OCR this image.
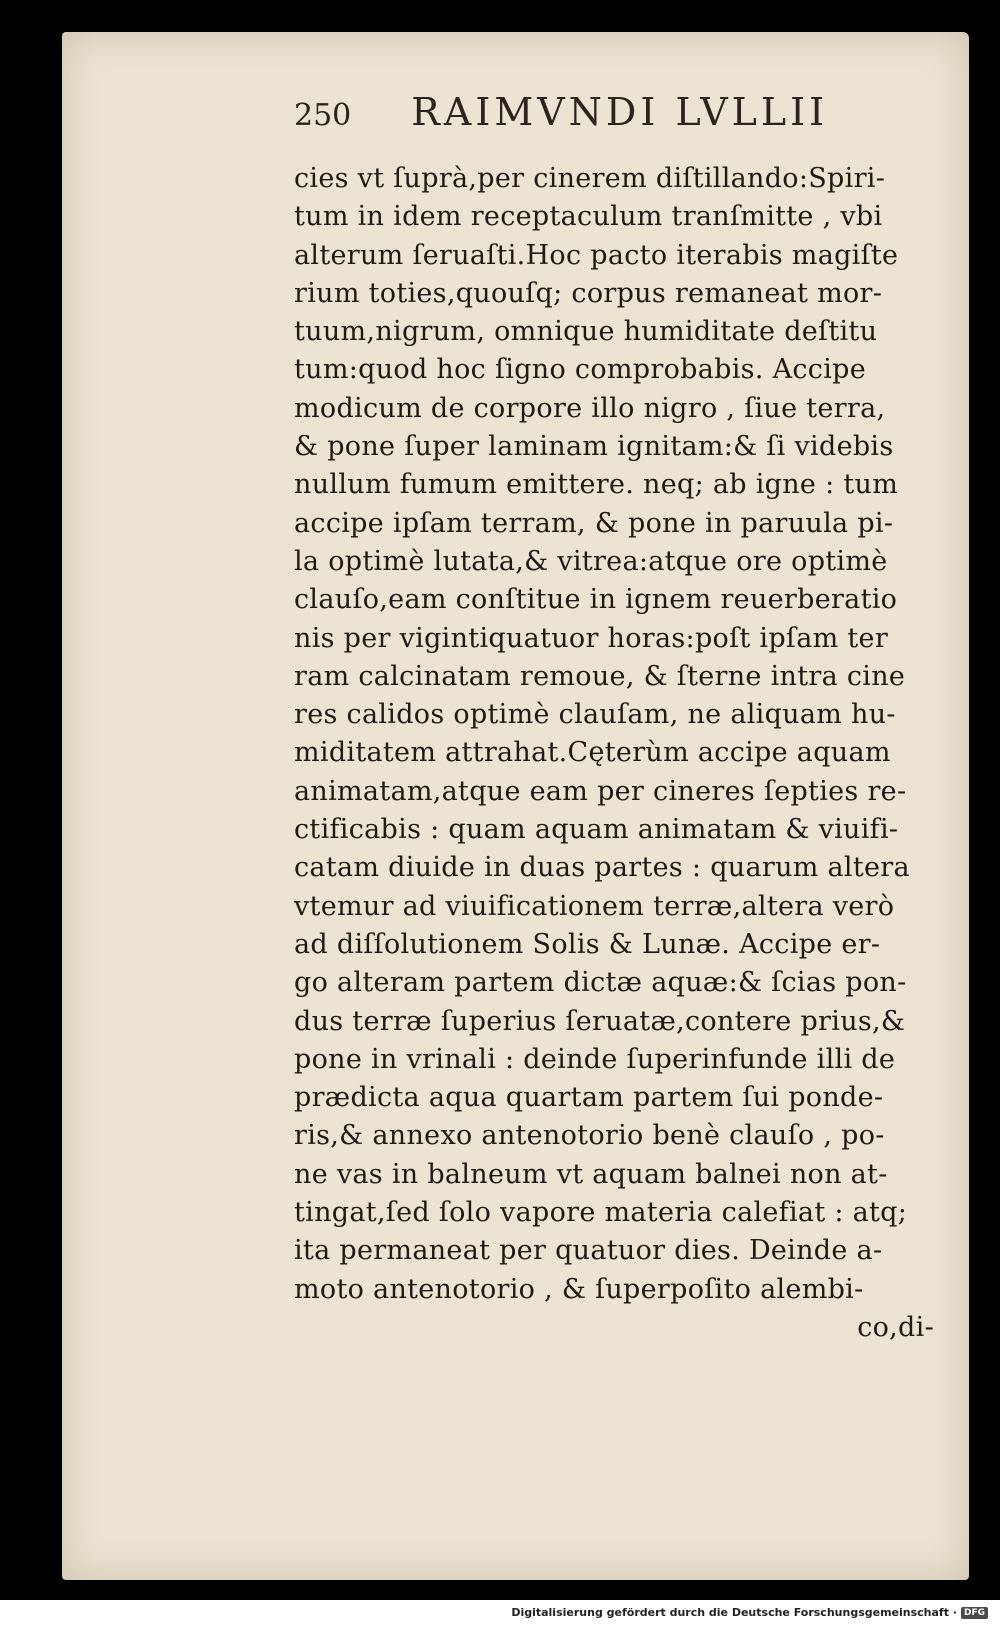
250 RAIMVNDI LVLLII
cies vt ſuprà,per cinerem diſtillando:Spiri-
tum in idem receptaculum tranſmitte , vbi
alterum ſeruaſti.Hoc pacto iterabis magiſte
rium toties,quouſq; corpus remaneat mor-
tuum,nigrum, omnique humiditate deſtitu
tum:quod hoc ſigno comprobabis. Accipe
modicum de corpore illo nigro , ſiue terra,
& pone ſuper laminam ignitam:& ſi videbis
nullum fumum emittere. neq; ab igne : tum
accipe ipſam terram, & pone in paruula pi-
la optimè lutata,& vitrea:atque ore optimè
clauſo,eam conſtitue in ignem reuerberatio
nis per vigintiquatuor horas:poſt ipſam ter
ram calcinatam remoue, & ſterne intra cine
res calidos optimè clauſam, ne aliquam hu-
miditatem attrahat.Cęterùm accipe aquam
animatam,atque eam per cineres ſepties re-
ctificabis : quam aquam animatam & viuifi-
catam diuide in duas partes : quarum altera
vtemur ad viuificationem terræ,altera verò
ad diſſolutionem Solis & Lunæ. Accipe er-
go alteram partem dictæ aquæ:& ſcias pon-
dus terræ ſuperius ſeruatæ,contere prius,&
pone in vrinali : deinde ſuperinfunde illi de
prædicta aqua quartam partem ſui ponde-
ris,& annexo antenotorio benè clauſo , po-
ne vas in balneum vt aquam balnei non at-
tingat,ſed ſolo vapore materia calefiat : atq;
ita permaneat per quatuor dies. Deinde a-
moto antenotorio , & ſuperpoſito alembi-
co,di-
Digitalisierung gefördert durch die Deutsche Forschungsgemeinschaft · DFG
